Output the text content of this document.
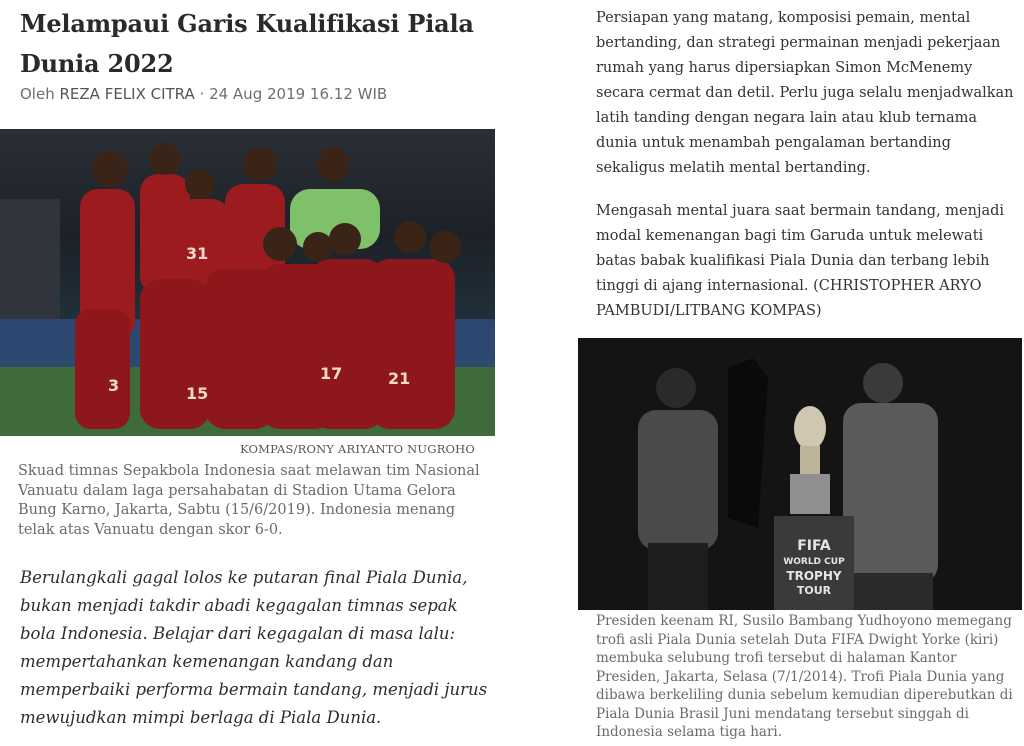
Melampaui Garis Kualifikasi Piala Dunia 2022
Oleh REZA FELIX CITRA · 24 Aug 2019 16.12 WIB
31
15
17	21
3
KOMPAS/RONY ARIYANTO NUGROHO

Skuad timnas Sepakbola Indonesia saat melawan tim Nasional Vanuatu dalam laga persahabatan di Stadion Utama Gelora Bung Karno, Jakarta, Sabtu (15/6/2019). Indonesia menang telak atas Vanuatu dengan skor 6-0.

Berulangkali gagal lolos ke putaran final Piala Dunia, bukan menjadi takdir abadi kegagalan timnas sepak bola Indonesia. Belajar dari kegagalan di masa lalu: mempertahankan kemenangan kandang dan memperbaiki performa bermain tandang, menjadi jurus mewujudkan mimpi berlaga di Piala Dunia.

Persiapan yang matang, komposisi pemain, mental bertanding, dan strategi permainan menjadi pekerjaan rumah yang harus dipersiapkan Simon McMenemy secara cermat dan detil. Perlu juga selalu menjadwalkan latih tanding dengan negara lain atau klub ternama dunia untuk menambah pengalaman bertanding sekaligus melatih mental bertanding.

Mengasah mental juara saat bermain tandang, menjadi modal kemenangan bagi tim Garuda untuk melewati batas babak kualifikasi Piala Dunia dan terbang lebih tinggi di ajang internasional. (CHRISTOPHER ARYO PAMBUDI/LITBANG KOMPAS)

FIFA
WORLD CUP
TROPHY
TOUR

Presiden keenam RI, Susilo Bambang Yudhoyono memegang trofi asli Piala Dunia setelah Duta FIFA Dwight Yorke (kiri) membuka selubung trofi tersebut di halaman Kantor Presiden, Jakarta, Selasa (7/1/2014). Trofi Piala Dunia yang dibawa berkeliling dunia sebelum kemudian diperebutkan di Piala Dunia Brasil Juni mendatang tersebut singgah di Indonesia selama tiga hari.
